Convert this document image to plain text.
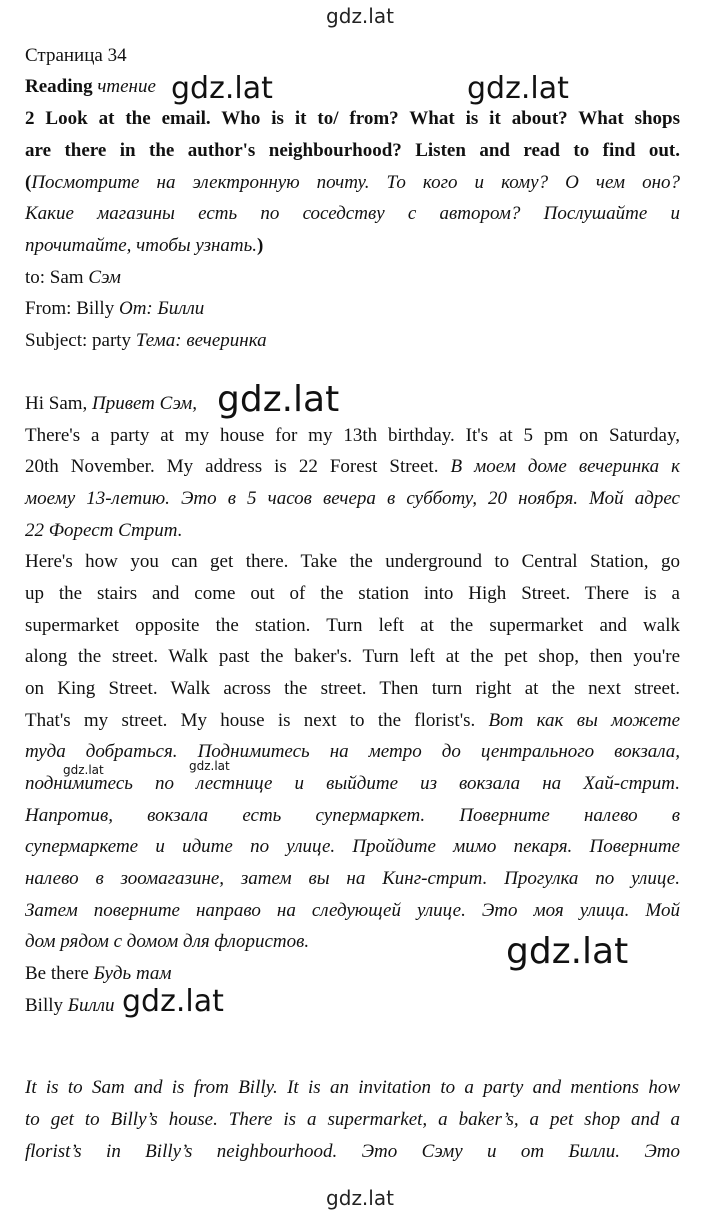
gdz.lat
Страница 34
Reading чтение
2 Look at the email. Who is it to/ from? What is it about? What shops
are there in the author's neighbourhood? Listen and read to find out.
(Посмотрите на электронную почту. То кого и кому? О чем оно?
Какие магазины есть по соседству с автором? Послушайте и
прочитайте, чтобы узнать.)
to: Sam Сэм
From: Billy От: Билли
Subject: party Тема: вечеринка
Hi Sam, Привет Сэм,
There's a party at my house for my 13th birthday. It's at 5 pm on Saturday,
20th November. My address is 22 Forest Street. В моем доме вечеринка к
моему 13-летию. Это в 5 часов вечера в субботу, 20 ноября. Мой адрес
22 Форест Стрит.
Here's how you can get there. Take the underground to Central Station, go
up the stairs and come out of the station into High Street. There is a
supermarket opposite the station. Turn left at the supermarket and walk
along the street. Walk past the baker's. Turn left at the pet shop, then you're
on King Street. Walk across the street. Then turn right at the next street.
That's my street. My house is next to the florist's. Вот как вы можете
туда добраться. Поднимитесь на метро до центрального вокзала,
поднимитесь по лестнице и выйдите из вокзала на Хай-стрит.
Напротив, вокзала есть супермаркет. Поверните налево в
супермаркете и идите по улице. Пройдите мимо пекаря. Поверните
налево в зоомагазине, затем вы на Кинг-стрит. Прогулка по улице.
Затем поверните направо на следующей улице. Это моя улица. Мой
дом рядом с домом для флористов.
Be there Будь там
Billy Билли
It is to Sam and is from Billy. It is an invitation to a party and mentions how
to get to Billy’s house. There is a supermarket, a baker’s, a pet shop and a
florist’s in Billy’s neighbourhood. Это Сэму и от Билли. Это
gdz.lat	gdz.lat
gdz.lat
gdz.lat	gdz.lat
gdz.lat
gdz.lat
gdz.lat
